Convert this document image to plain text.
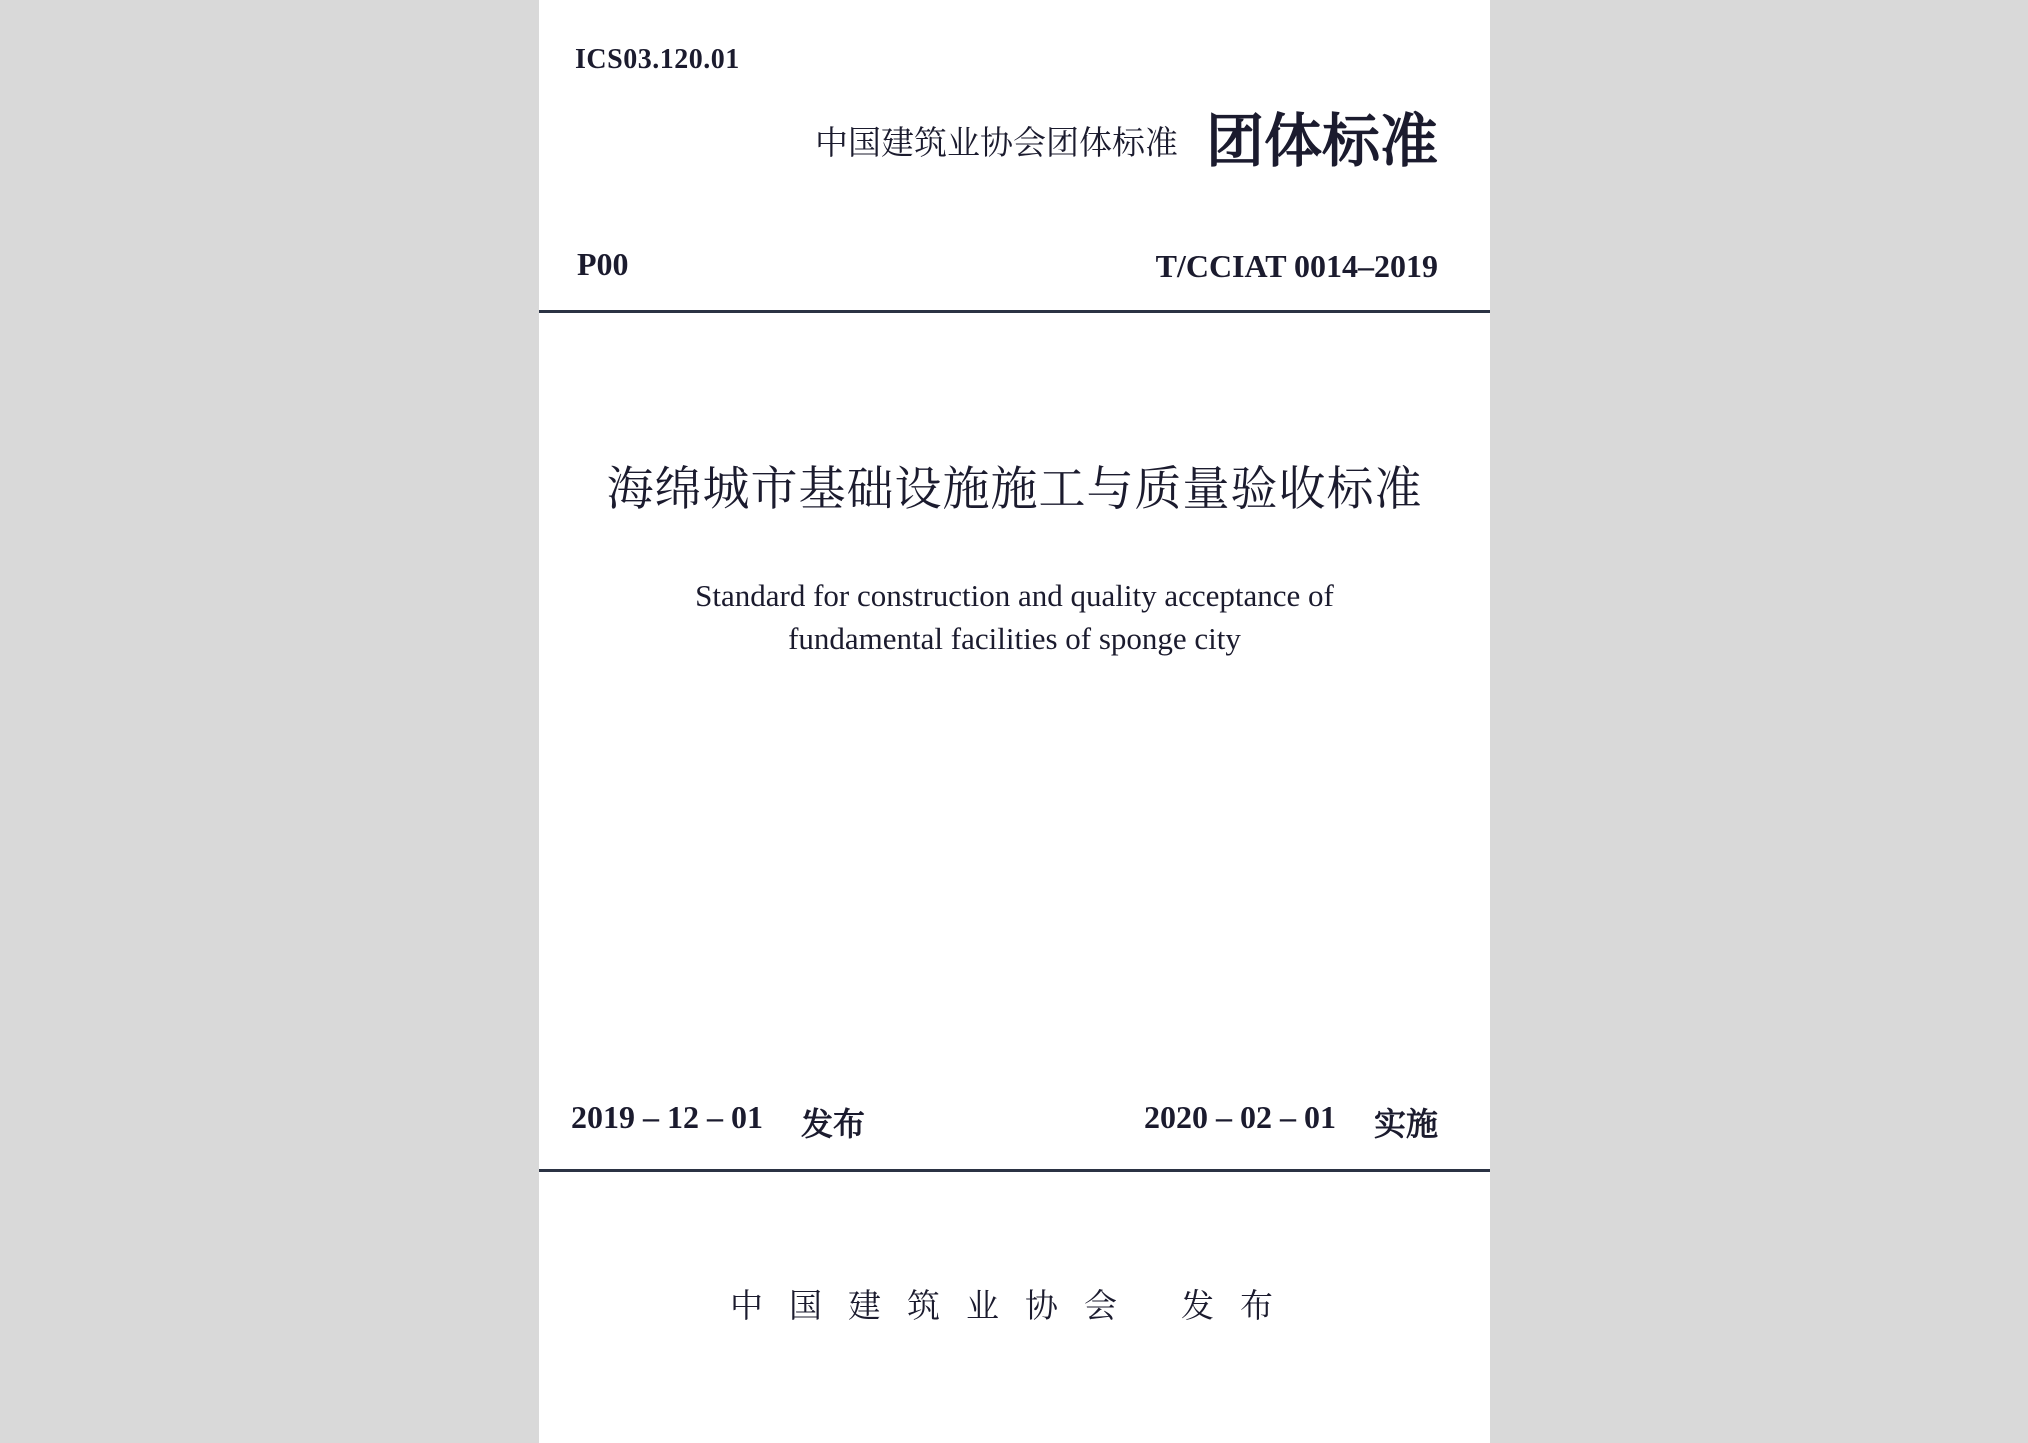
ICS03.120.01
中国建筑业协会团体标准 团体标准
P00	T/CCIAT 0014–2019
海绵城市基础设施施工与质量验收标准
Standard for construction and quality acceptance of
fundamental facilities of sponge city
2019 – 12 – 01 发布	2020 – 02 – 01 实施
中国建筑业协会 发布
